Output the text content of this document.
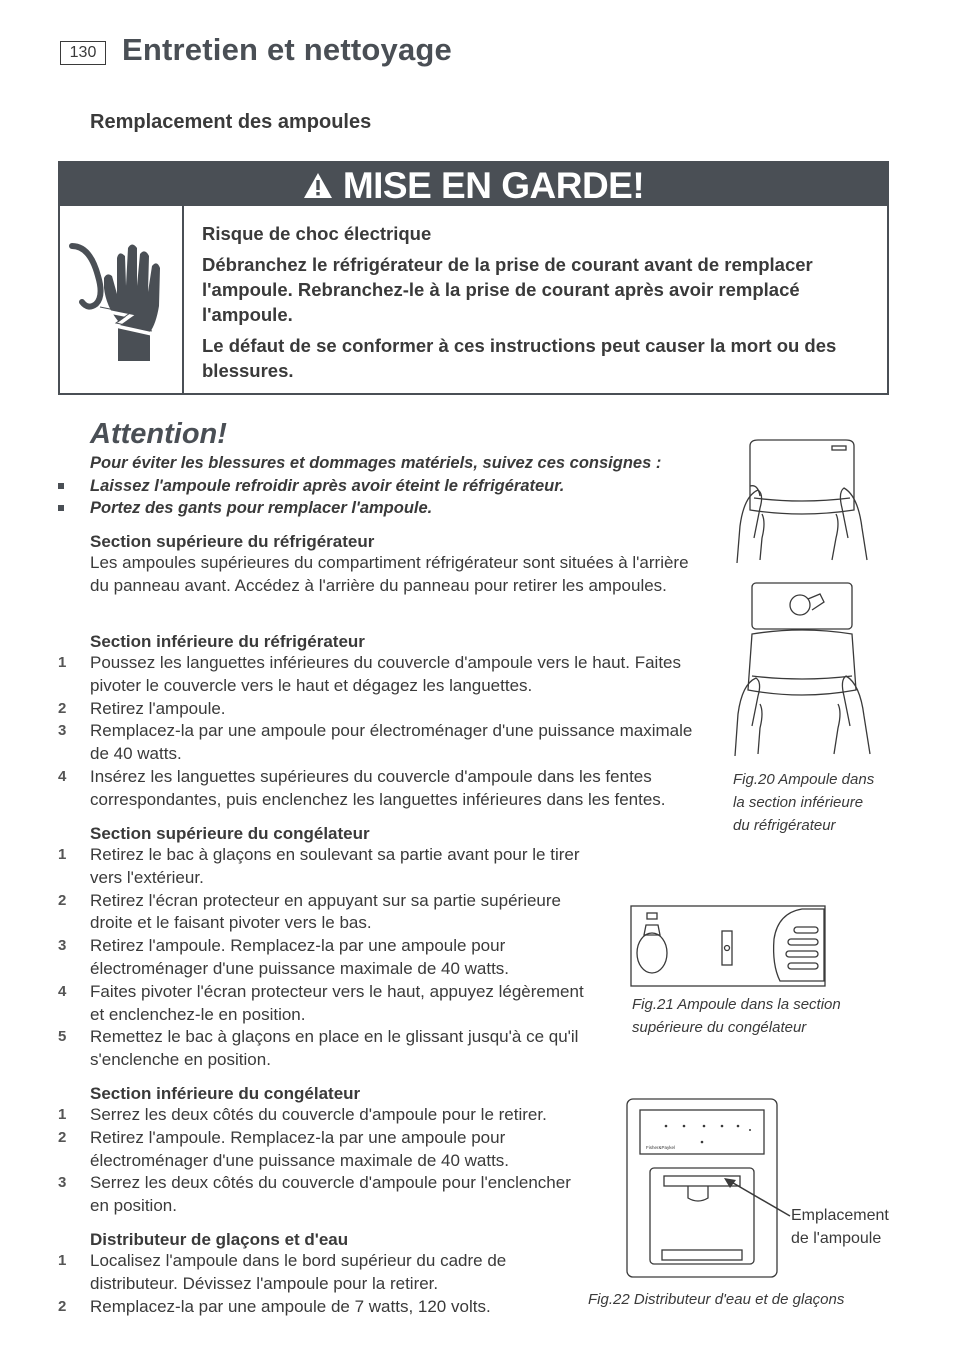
130 Entretien et nettoyage
Remplacement des ampoules
MISE EN GARDE!

Risque de choc électrique

Débranchez le réfrigérateur de la prise de courant avant de remplacer l'ampoule. Rebranchez-le à la prise de courant après avoir remplacé l'ampoule.

Le défaut de se conformer à ces instructions peut causer la mort ou des blessures.

Attention!
Pour éviter les blessures et dommages matériels, suivez ces consignes :
Laissez l'ampoule refroidir après avoir éteint le réfrigérateur.
Portez des gants pour remplacer l'ampoule.
Section supérieure du réfrigérateur
Les ampoules supérieures du compartiment réfrigérateur sont situées à l'arrière du panneau avant. Accédez à l'arrière du panneau pour retirer les ampoules.
Section inférieure du réfrigérateur
1 Poussez les languettes inférieures du couvercle d'ampoule vers le haut. Faites pivoter le couvercle vers le haut et dégagez les languettes.
2 Retirez l'ampoule.
3 Remplacez-la par une ampoule pour électroménager d'une puissance maximale de 40 watts.
4 Insérez les languettes supérieures du couvercle d'ampoule dans les fentes correspondantes, puis enclenchez les languettes inférieures dans les fentes.
Section supérieure du congélateur
1 Retirez le bac à glaçons en soulevant sa partie avant pour le tirer vers l'extérieur.
2 Retirez l'écran protecteur en appuyant sur sa partie supérieure droite et le faisant pivoter vers le bas.
3 Retirez l'ampoule. Remplacez-la par une ampoule pour électroménager d'une puissance maximale de 40 watts.
4 Faites pivoter l'écran protecteur vers le haut, appuyez légèrement et enclenchez-le en position.
5 Remettez le bac à glaçons en place en le glissant jusqu'à ce qu'il s'enclenche en position.
Section inférieure du congélateur
1 Serrez les deux côtés du couvercle d'ampoule pour le retirer.
2 Retirez l'ampoule. Remplacez-la par une ampoule pour électroménager d'une puissance maximale de 40 watts.
3 Serrez les deux côtés du couvercle d'ampoule pour l'enclencher en position.
Distributeur de glaçons et d'eau
1 Localisez l'ampoule dans le bord supérieur du cadre de distributeur. Dévissez l'ampoule pour la retirer.
2 Remplacez-la par une ampoule de 7 watts, 120 volts.
Fig.20 Ampoule dans
la section inférieure
du réfrigérateur
Fig.21 Ampoule dans la section
supérieure du congélateur
Fisher&Paykel
Emplacement
de l'ampoule
Fig.22 Distributeur d'eau et de glaçons
